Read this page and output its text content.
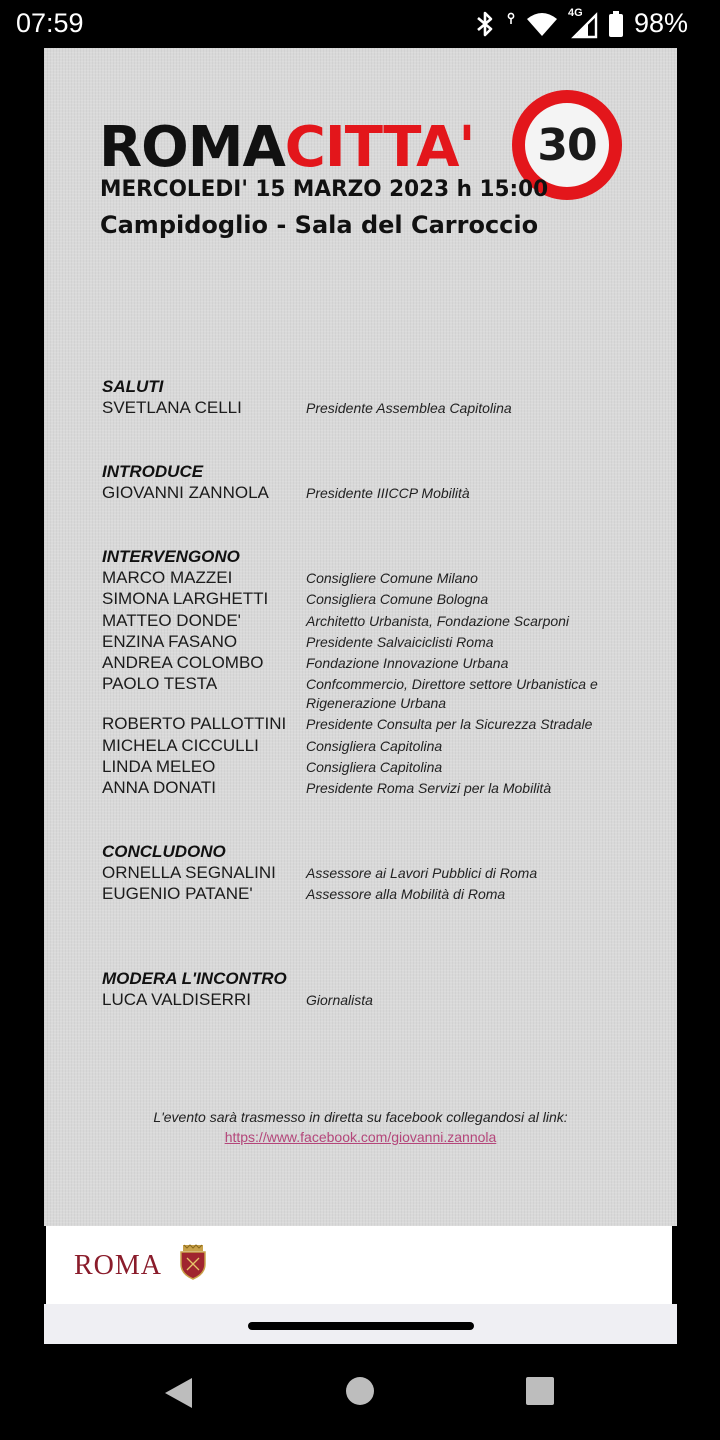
07:59	4G 98%
ROMACITTA' 30
MERCOLEDI' 15 MARZO 2023 h 15:00
Campidoglio - Sala del Carroccio
SALUTI
SVETLANA CELLI	Presidente Assemblea Capitolina
INTRODUCE
GIOVANNI ZANNOLA	Presidente IIICCP Mobilità
INTERVENGONO
MARCO MAZZEI	Consigliere Comune Milano
SIMONA LARGHETTI	Consigliera Comune Bologna
MATTEO DONDE'	Architetto Urbanista, Fondazione Scarponi
ENZINA FASANO	Presidente Salvaiciclisti Roma
ANDREA COLOMBO	Fondazione Innovazione Urbana
PAOLO TESTA	Confcommercio, Direttore settore Urbanistica e Rigenerazione Urbana
ROBERTO PALLOTTINI	Presidente Consulta per la Sicurezza Stradale
MICHELA CICCULLI	Consigliera Capitolina
LINDA MELEO	Consigliera Capitolina
ANNA DONATI	Presidente Roma Servizi per la Mobilità
CONCLUDONO
ORNELLA SEGNALINI	Assessore ai Lavori Pubblici di Roma
EUGENIO PATANE'	Assessore alla Mobilità di Roma
MODERA L'INCONTRO
LUCA VALDISERRI	Giornalista
L'evento sarà trasmesso in diretta su facebook collegandosi al link:
https://www.facebook.com/giovanni.zannola
ROMA
